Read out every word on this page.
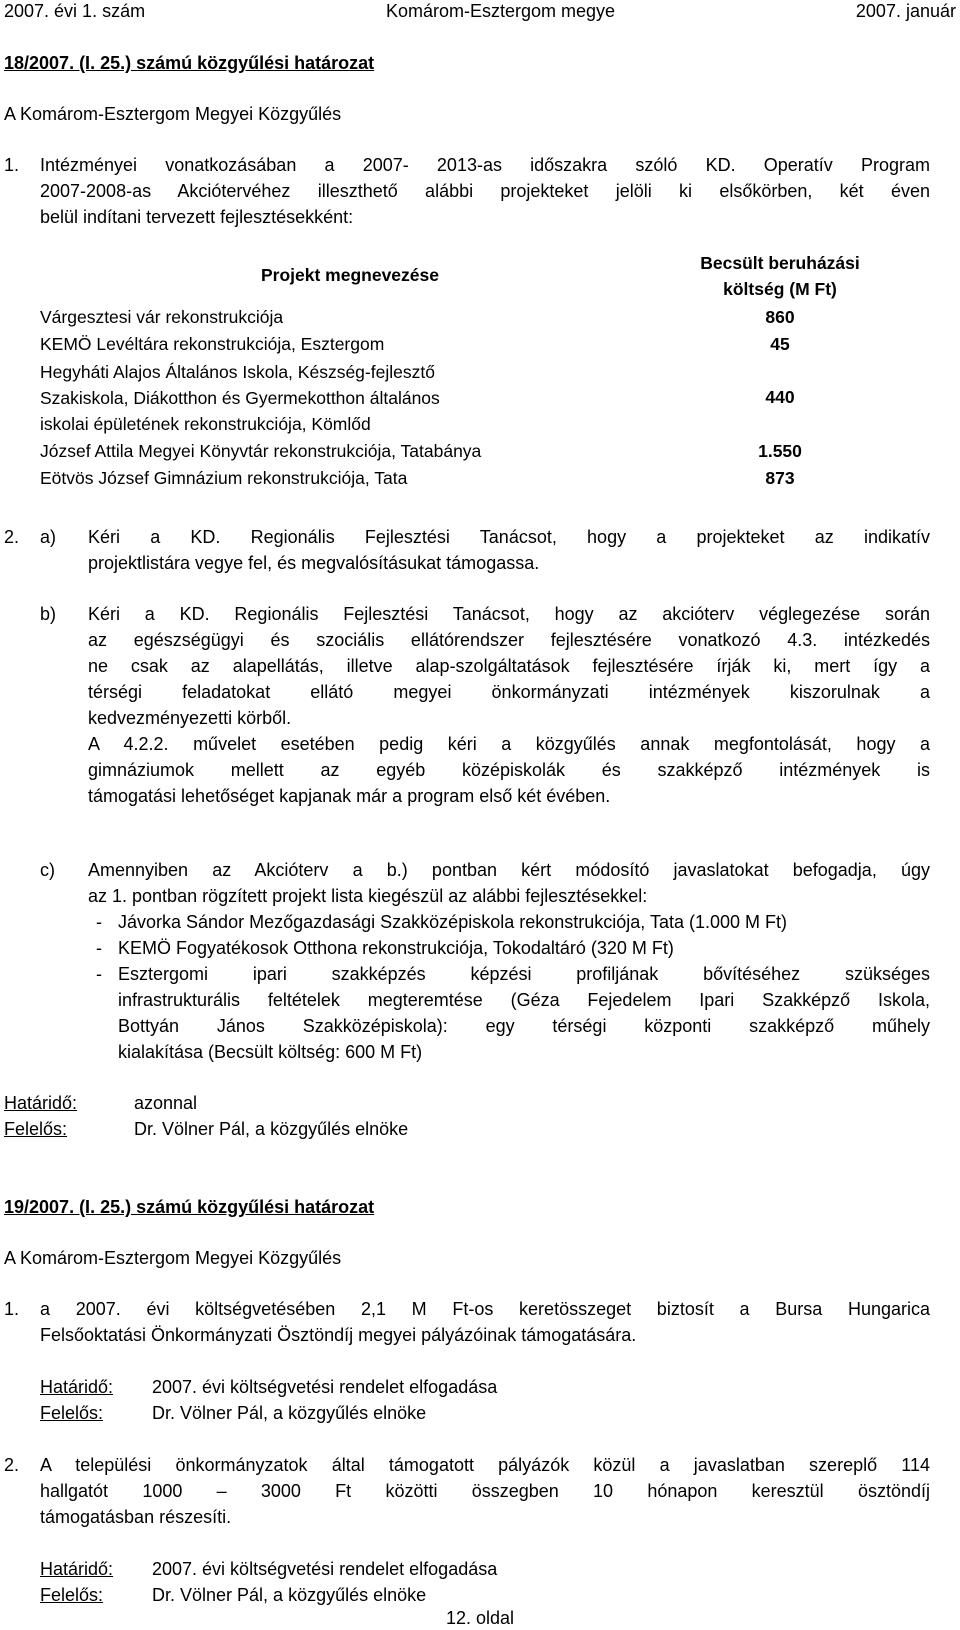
2007. évi 1. szám	Komárom-Esztergom megye	2007. január
18/2007. (I. 25.) számú közgyűlési határozat
A Komárom-Esztergom Megyei Közgyűlés
1. Intézményei vonatkozásában a 2007- 2013-as időszakra szóló KD. Operatív Program
2007-2008-as Akciótervéhez illeszthető alábbi projekteket jelöli ki elsőkörben, két éven
belül indítani tervezett fejlesztésekként:
Projekt megnevezése	Becsült beruházási
költség (M Ft)

Várgesztesi vár rekonstrukciója	860
KEMÖ Levéltára rekonstrukciója, Esztergom	45

Hegyháti Alajos Általános Iskola, Készség-fejlesztő
Szakiskola, Diákotthon és Gyermekotthon általános
iskolai épületének rekonstrukciója, Kömlőd	440
József Attila Megyei Könyvtár rekonstrukciója, Tatabánya	1.550
Eötvös József Gimnázium rekonstrukciója, Tata	873
2. a) Kéri a KD. Regionális Fejlesztési Tanácsot, hogy a projekteket az indikatív
projektlistára vegye fel, és megvalósításukat támogassa.
b) Kéri a KD. Regionális Fejlesztési Tanácsot, hogy az akcióterv véglegezése során
az egészségügyi és szociális ellátórendszer fejlesztésére vonatkozó 4.3. intézkedés
ne csak az alapellátás, illetve alap-szolgáltatások fejlesztésére írják ki, mert így a
térségi feladatokat ellátó megyei önkormányzati intézmények kiszorulnak a
kedvezményezetti körből.
A 4.2.2. művelet esetében pedig kéri a közgyűlés annak megfontolását, hogy a
gimnáziumok mellett az egyéb középiskolák és szakképző intézmények is
támogatási lehetőséget kapjanak már a program első két évében.
c) Amennyiben az Akcióterv a b.) pontban kért módosító javaslatokat befogadja, úgy
az 1. pontban rögzített projekt lista kiegészül az alábbi fejlesztésekkel:
- Jávorka Sándor Mezőgazdasági Szakközépiskola rekonstrukciója, Tata (1.000 M Ft)
- KEMÖ Fogyatékosok Otthona rekonstrukciója, Tokodaltáró (320 M Ft)
- Esztergomi ipari szakképzés képzési profiljának bővítéséhez szükséges
infrastrukturális feltételek megteremtése (Géza Fejedelem Ipari Szakképző Iskola,
Bottyán János Szakközépiskola): egy térségi központi szakképző műhely
kialakítása (Becsült költség: 600 M Ft)
Határidő:	azonnal
Felelős:	Dr. Völner Pál, a közgyűlés elnöke
19/2007. (I. 25.) számú közgyűlési határozat
A Komárom-Esztergom Megyei Közgyűlés
1. a 2007. évi költségvetésében 2,1 M Ft-os keretösszeget biztosít a Bursa Hungarica
Felsőoktatási Önkormányzati Ösztöndíj megyei pályázóinak támogatására.
Határidő: 2007. évi költségvetési rendelet elfogadása
Felelős:	Dr. Völner Pál, a közgyűlés elnöke
2. A települési önkormányzatok által támogatott pályázók közül a javaslatban szereplő 114
hallgatót 1000 – 3000 Ft közötti összegben 10 hónapon keresztül ösztöndíj
támogatásban részesíti.
Határidő: 2007. évi költségvetési rendelet elfogadása
Felelős:	Dr. Völner Pál, a közgyűlés elnöke
12. oldal
